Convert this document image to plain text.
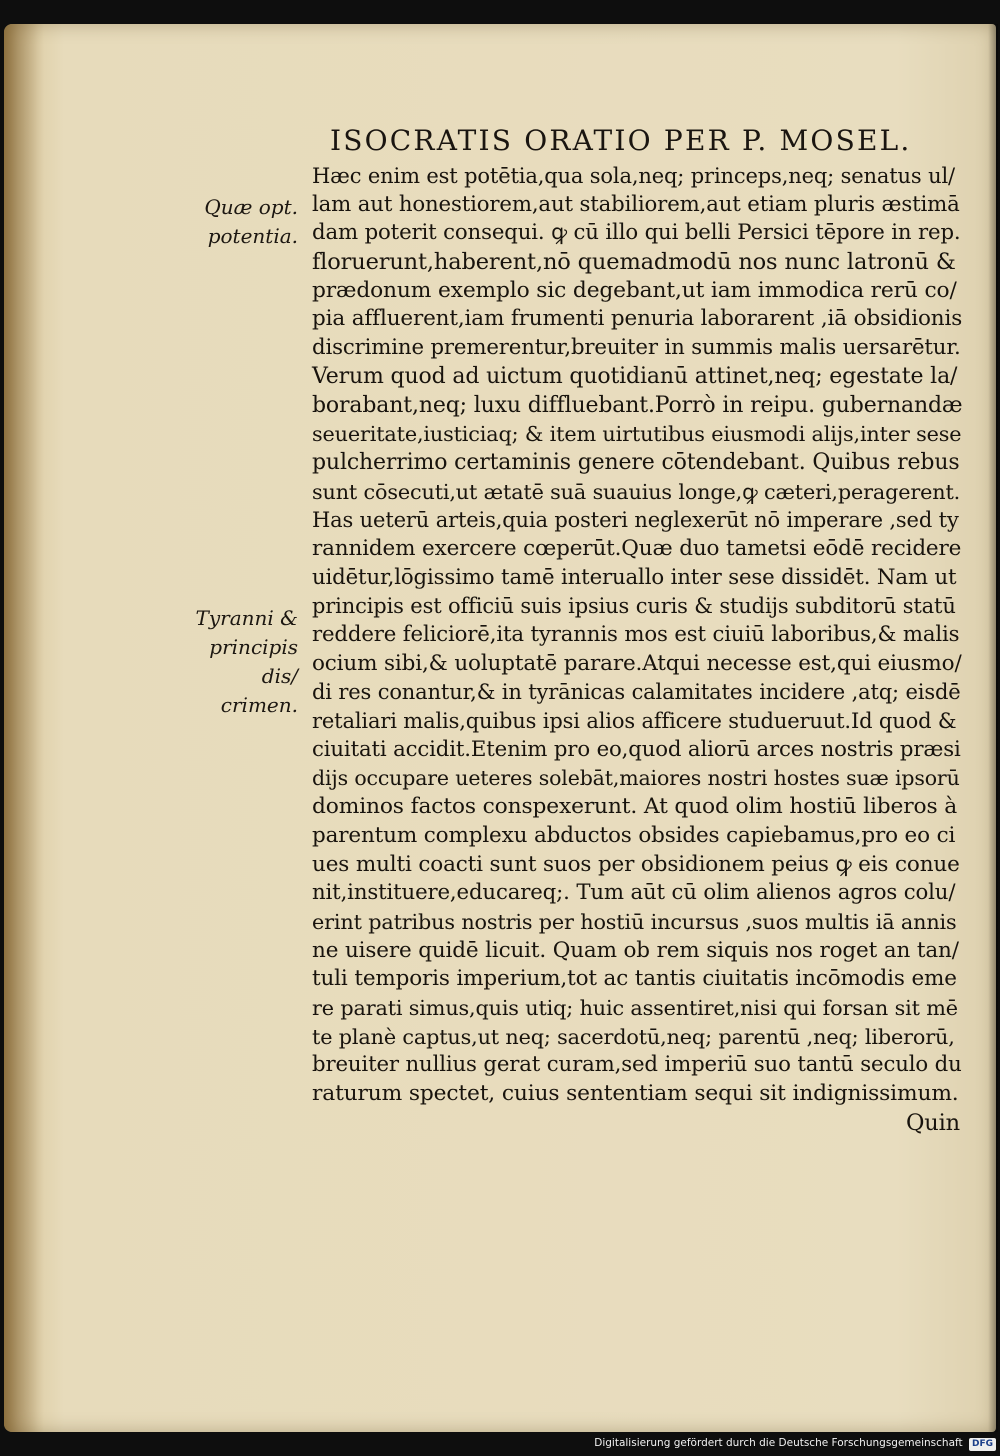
ISOCRATIS ORATIO PER P. MOSEL.
Quæ opt.
potentia.
Tyranni &
principis dis/
crimen.
Hæc enim est potētia,qua sola,neq; princeps,neq; senatus ul/
lam aut honestiorem,aut stabiliorem,aut etiam pluris æstimā
dam poterit consequi. ꝙ cū illo qui belli Persici tēpore in rep.
floruerunt,haberent,nō quemadmodū nos nunc latronū &
prædonum exemplo sic degebant,ut iam immodica rerū co/
pia affluerent,iam frumenti penuria laborarent ,iā obsidionis
discrimine premerentur,breuiter in summis malis uersarētur.
Verum quod ad uictum quotidianū attinet,neq; egestate la/
borabant,neq; luxu diffluebant.Porrò in reipu. gubernandæ
seueritate,iusticiaq; & item uirtutibus eiusmodi alijs,inter sese
pulcherrimo certaminis genere cōtendebant. Quibus rebus
sunt cōsecuti,ut ætatē suā suauius longe,ꝙ cæteri,peragerent.
Has ueterū arteis,quia posteri neglexerūt nō imperare ,sed ty
rannidem exercere cœperūt.Quæ duo tametsi eōdē recidere
uidētur,lōgissimo tamē interuallo inter sese dissidēt. Nam ut
principis est officiū suis ipsius curis & studijs subditorū statū
reddere feliciorē,ita tyrannis mos est ciuiū laboribus,& malis
ocium sibi,& uoluptatē parare.Atqui necesse est,qui eiusmo/
di res conantur,& in tyrānicas calamitates incidere ,atq; eisdē
retaliari malis,quibus ipsi alios afficere studueruut.Id quod &
ciuitati accidit.Etenim pro eo,quod aliorū arces nostris præsi
dijs occupare ueteres solebāt,maiores nostri hostes suæ ipsorū
dominos factos conspexerunt. At quod olim hostiū liberos à
parentum complexu abductos obsides capiebamus,pro eo ci
ues multi coacti sunt suos per obsidionem peius ꝙ eis conue
nit,instituere,educareq;. Tum aūt cū olim alienos agros colu/
erint patribus nostris per hostiū incursus ,suos multis iā annis
ne uisere quidē licuit. Quam ob rem siquis nos roget an tan/
tuli temporis imperium,tot ac tantis ciuitatis incōmodis eme
re parati simus,quis utiq; huic assentiret,nisi qui forsan sit mē
te planè captus,ut neq; sacerdotū,neq; parentū ,neq; liberorū,
breuiter nullius gerat curam,sed imperiū suo tantū seculo du
raturum spectet, cuius sententiam sequi sit indignissimum.
Quin
Digitalisierung gefördert durch die Deutsche Forschungsgemeinschaft DFG
